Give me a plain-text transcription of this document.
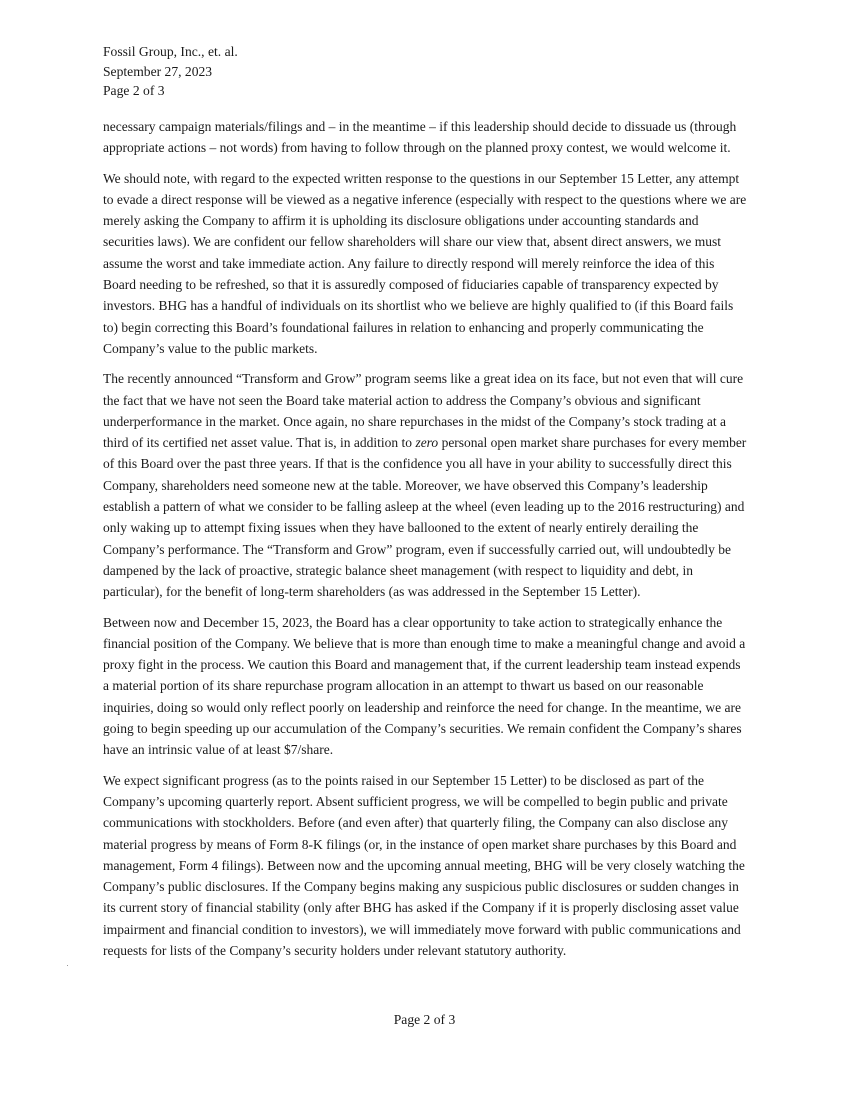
Fossil Group, Inc., et. al.
September 27, 2023
Page 2 of 3

necessary campaign materials/filings and – in the meantime – if this leadership should decide to dissuade us (through appropriate actions – not words) from having to follow through on the planned proxy contest, we would welcome it.

We should note, with regard to the expected written response to the questions in our September 15 Letter, any attempt to evade a direct response will be viewed as a negative inference (especially with respect to the questions where we are merely asking the Company to affirm it is upholding its disclosure obligations under accounting standards and securities laws). We are confident our fellow shareholders will share our view that, absent direct answers, we must assume the worst and take immediate action. Any failure to directly respond will merely reinforce the idea of this Board needing to be refreshed, so that it is assuredly composed of fiduciaries capable of transparency expected by investors. BHG has a handful of individuals on its shortlist who we believe are highly qualified to (if this Board fails to) begin correcting this Board’s foundational failures in relation to enhancing and properly communicating the Company’s value to the public markets.

The recently announced “Transform and Grow” program seems like a great idea on its face, but not even that will cure the fact that we have not seen the Board take material action to address the Company’s obvious and significant underperformance in the market. Once again, no share repurchases in the midst of the Company’s stock trading at a third of its certified net asset value. That is, in addition to zero personal open market share purchases for every member of this Board over the past three years. If that is the confidence you all have in your ability to successfully direct this Company, shareholders need someone new at the table. Moreover, we have observed this Company’s leadership establish a pattern of what we consider to be falling asleep at the wheel (even leading up to the 2016 restructuring) and only waking up to attempt fixing issues when they have ballooned to the extent of nearly entirely derailing the Company’s performance. The “Transform and Grow” program, even if successfully carried out, will undoubtedly be dampened by the lack of proactive, strategic balance sheet management (with respect to liquidity and debt, in particular), for the benefit of long-term shareholders (as was addressed in the September 15 Letter).

Between now and December 15, 2023, the Board has a clear opportunity to take action to strategically enhance the financial position of the Company. We believe that is more than enough time to make a meaningful change and avoid a proxy fight in the process. We caution this Board and management that, if the current leadership team instead expends a material portion of its share repurchase program allocation in an attempt to thwart us based on our reasonable inquiries, doing so would only reflect poorly on leadership and reinforce the need for change. In the meantime, we are going to begin speeding up our accumulation of the Company’s securities. We remain confident the Company’s shares have an intrinsic value of at least $7/share.

We expect significant progress (as to the points raised in our September 15 Letter) to be disclosed as part of the Company’s upcoming quarterly report. Absent sufficient progress, we will be compelled to begin public and private communications with stockholders. Before (and even after) that quarterly filing, the Company can also disclose any material progress by means of Form 8-K filings (or, in the instance of open market share purchases by this Board and management, Form 4 filings). Between now and the upcoming annual meeting, BHG will be very closely watching the Company’s public disclosures. If the Company begins making any suspicious public disclosures or sudden changes in its current story of financial stability (only after BHG has asked if the Company if it is properly disclosing asset value impairment and financial condition to investors), we will immediately move forward with public communications and requests for lists of the Company’s security holders under relevant statutory authority.

Page 2 of 3
